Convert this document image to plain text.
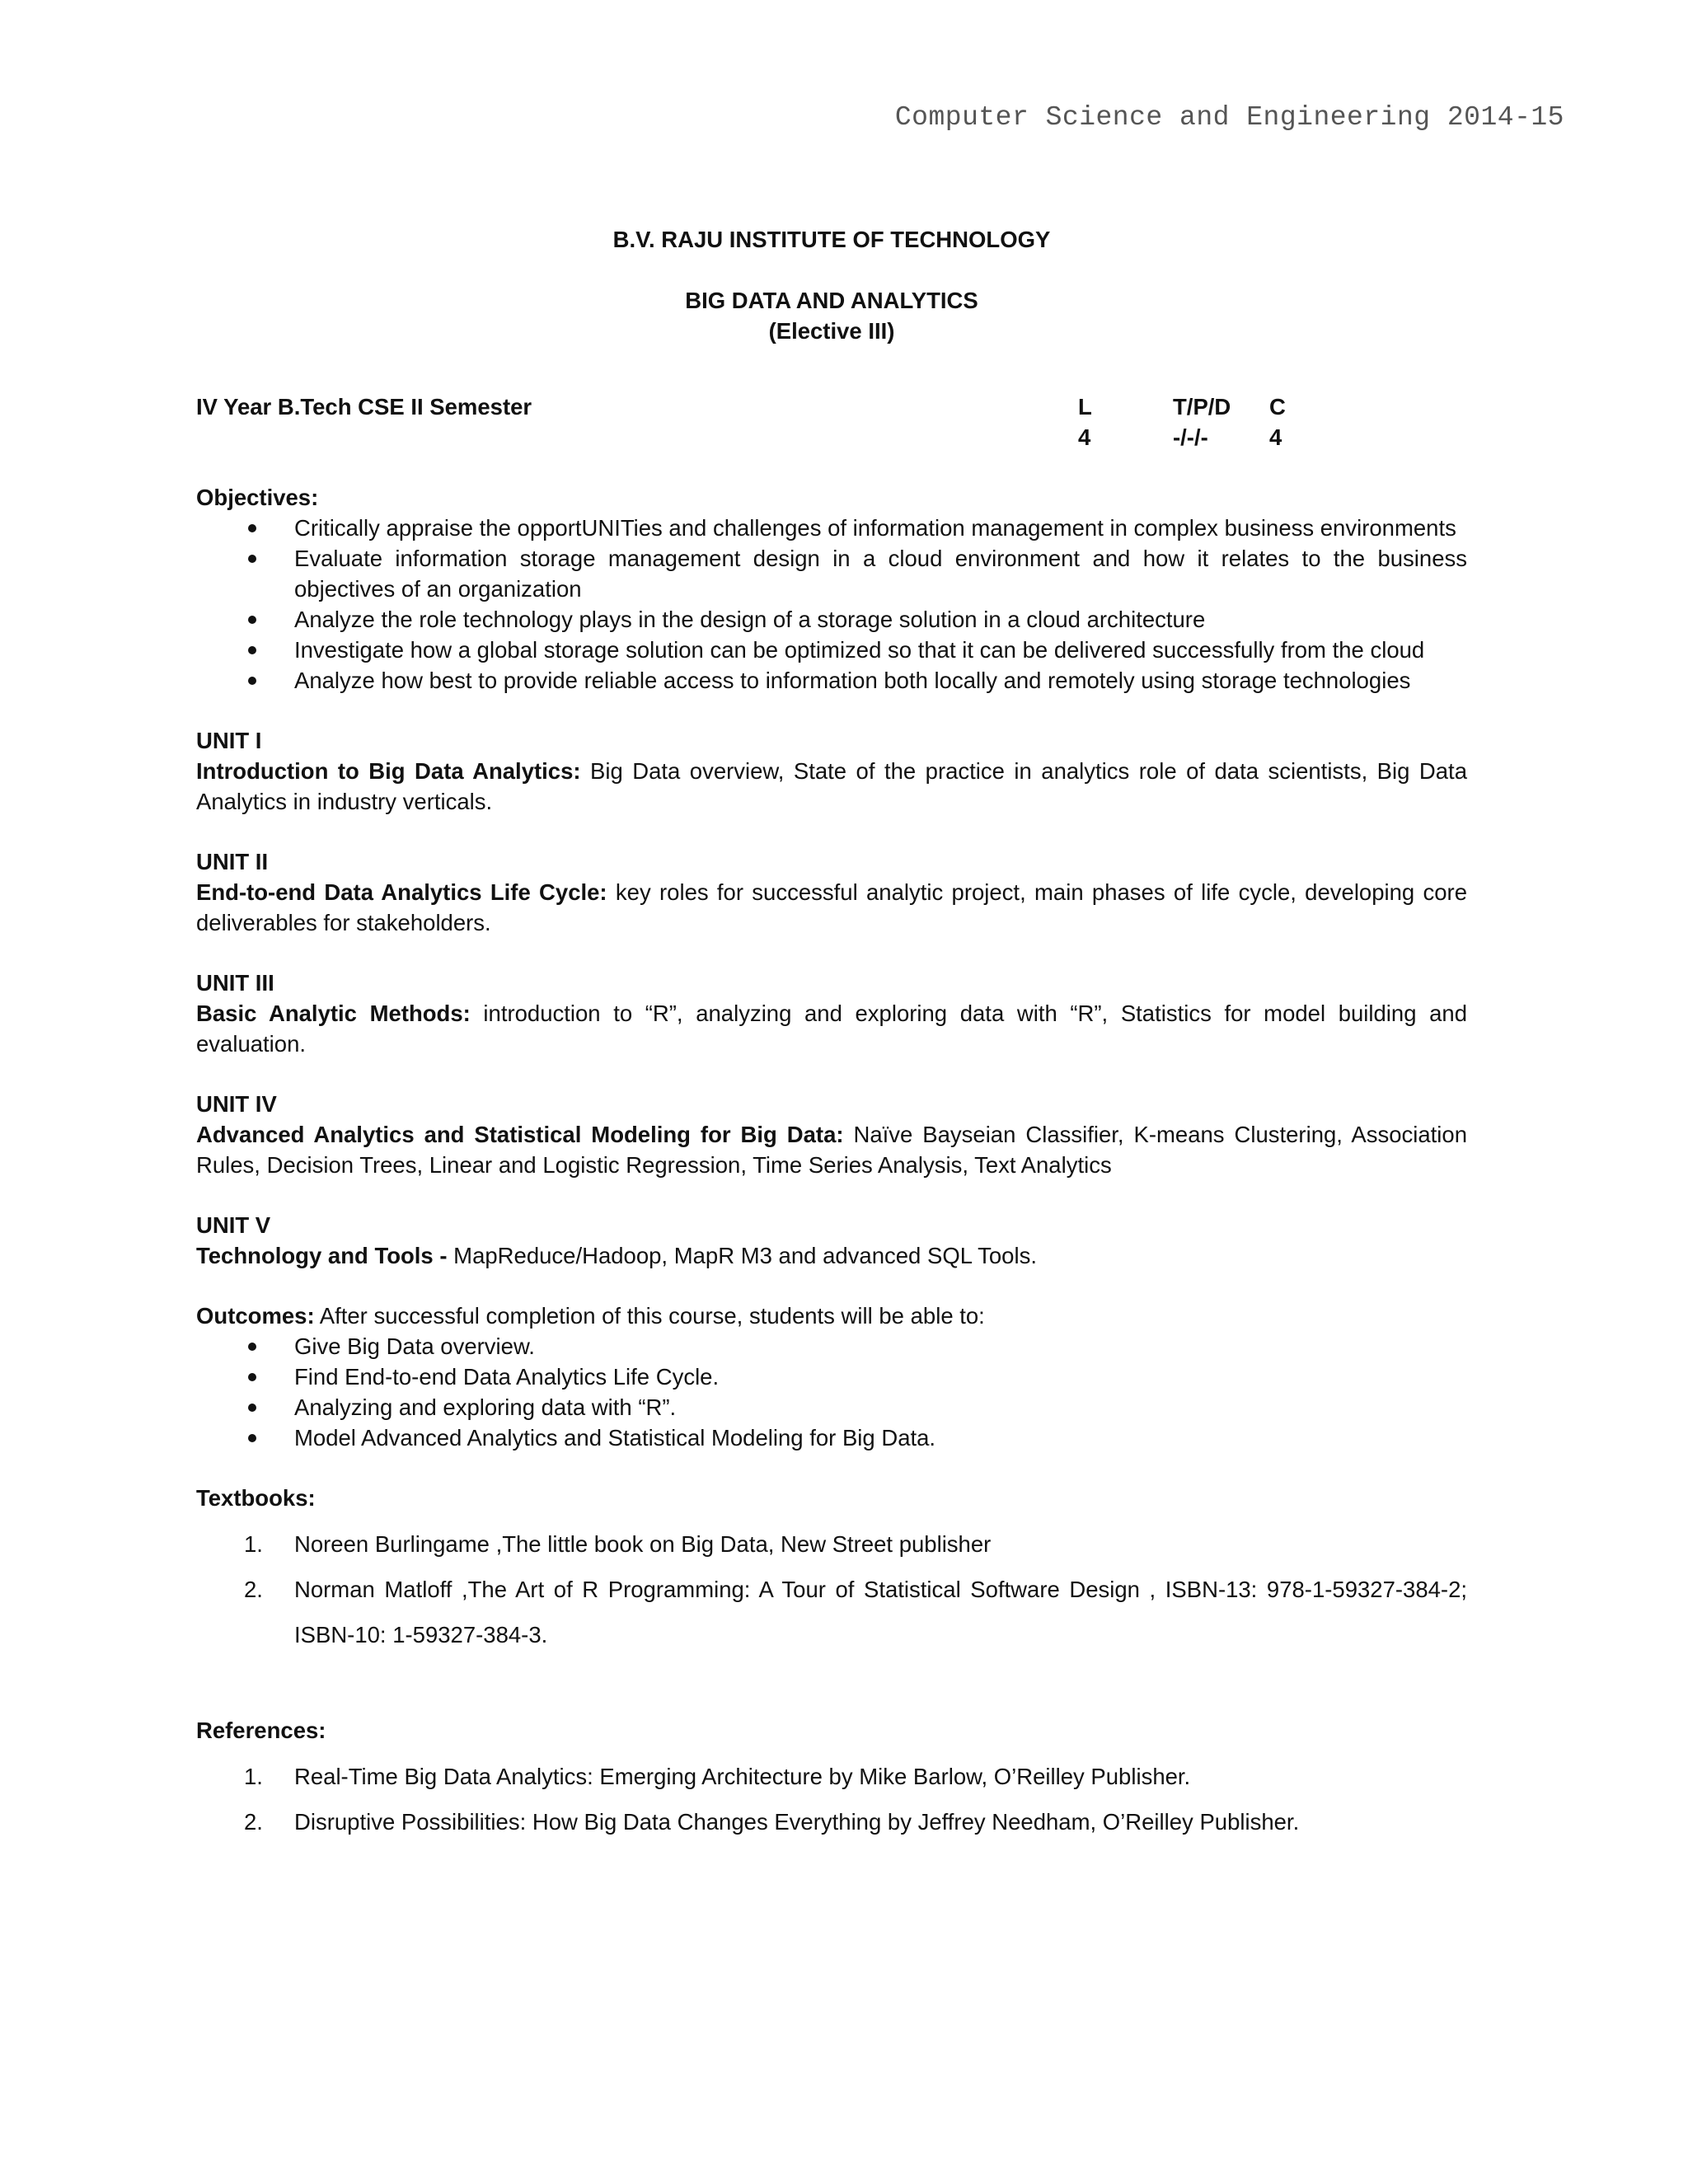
Computer Science and Engineering 2014-15
B.V. RAJU INSTITUTE OF TECHNOLOGY
BIG DATA AND ANALYTICS
(Elective III)
IV Year B.Tech CSE II Semester	L
4
T/P/D
-/-/-
C
4
Objectives:
Critically appraise the opportUNITies and challenges of information management in complex business environments
Evaluate information storage management design in a cloud environment and how it relates to the business objectives of an organization
Analyze the role technology plays in the design of a storage solution in a cloud architecture
Investigate how a global storage solution can be optimized so that it can be delivered successfully from the cloud
Analyze how best to provide reliable access to information both locally and remotely using storage technologies
UNIT I
Introduction to Big Data Analytics: Big Data overview, State of the practice in analytics role of data scientists, Big Data Analytics in industry verticals.
UNIT II
End-to-end Data Analytics Life Cycle: key roles for successful analytic project, main phases of life cycle, developing core deliverables for stakeholders.
UNIT III
Basic Analytic Methods: introduction to “R”, analyzing and exploring data with “R”, Statistics for model building and evaluation.
UNIT IV
Advanced Analytics and Statistical Modeling for Big Data: Naïve Bayseian Classifier, K-means Clustering, Association Rules, Decision Trees, Linear and Logistic Regression, Time Series Analysis, Text Analytics
UNIT V
Technology and Tools - MapReduce/Hadoop, MapR M3 and advanced SQL Tools.
Outcomes: After successful completion of this course, students will be able to:
Give Big Data overview.
Find End-to-end Data Analytics Life Cycle.
Analyzing and exploring data with “R”.
Model Advanced Analytics and Statistical Modeling for Big Data.
Textbooks:
1. Noreen Burlingame ,The little book on Big Data, New Street publisher
2. Norman Matloff ,The Art of R Programming: A Tour of Statistical Software Design , ISBN-13: 978-1-59327-384-2; ISBN-10: 1-59327-384-3.
References:
1. Real-Time Big Data Analytics: Emerging Architecture by Mike Barlow, O’Reilley Publisher.
2. Disruptive Possibilities: How Big Data Changes Everything by Jeffrey Needham, O’Reilley Publisher.
